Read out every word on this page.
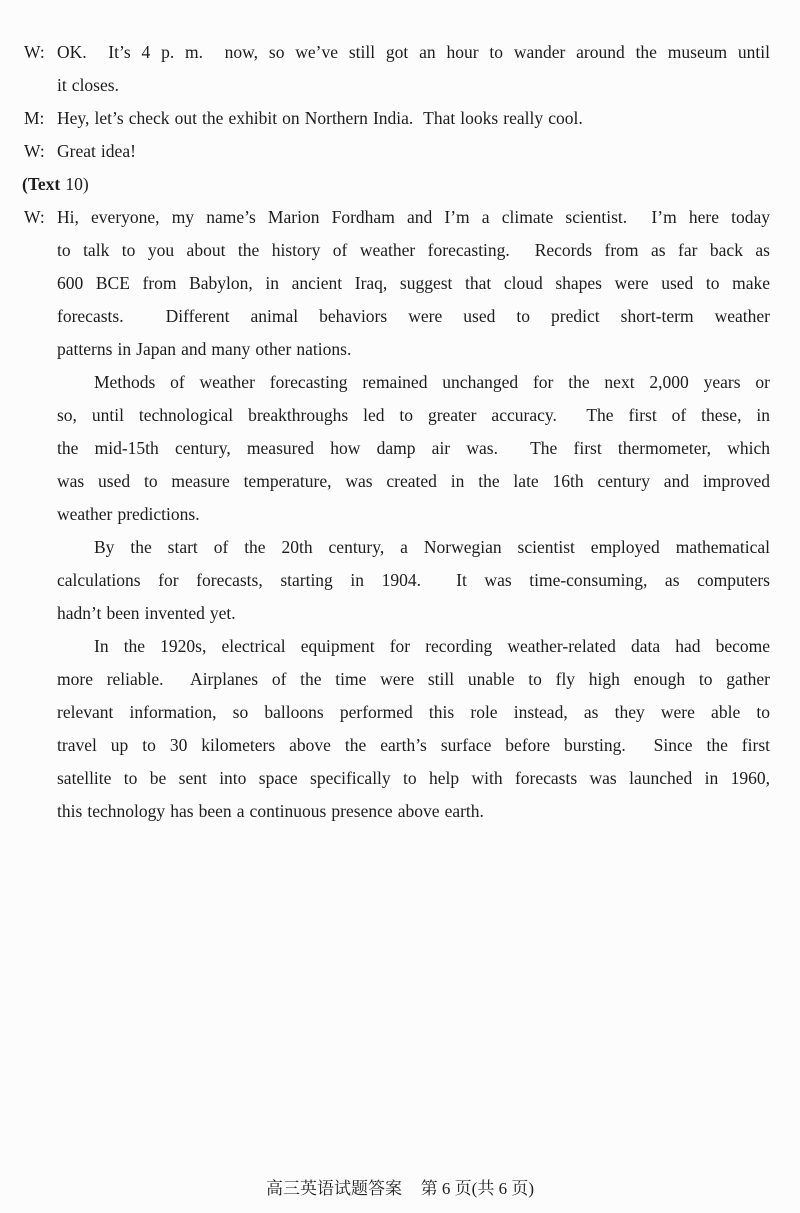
W: OK.  It’s 4 p. m.  now, so we’ve still got an hour to wander around the museum until
it closes.
M: Hey, let’s check out the exhibit on Northern India.  That looks really cool.
W: Great idea!
(Text 10)
W: Hi, everyone, my name’s Marion Fordham and I’m a climate scientist.  I’m here today
to talk to you about the history of weather forecasting.  Records from as far back as
600 BCE from Babylon, in ancient Iraq, suggest that cloud shapes were used to make
forecasts.  Different animal behaviors were used to predict short-term weather
patterns in Japan and many other nations.
Methods of weather forecasting remained unchanged for the next 2,000 years or
so, until technological breakthroughs led to greater accuracy.  The first of these, in
the mid-15th century, measured how damp air was.  The first thermometer, which
was used to measure temperature, was created in the late 16th century and improved
weather predictions.
By the start of the 20th century, a Norwegian scientist employed mathematical
calculations for forecasts, starting in 1904.  It was time-consuming, as computers
hadn’t been invented yet.
In the 1920s, electrical equipment for recording weather-related data had become
more reliable.  Airplanes of the time were still unable to fly high enough to gather
relevant information, so balloons performed this role instead, as they were able to
travel up to 30 kilometers above the earth’s surface before bursting.  Since the first
satellite to be sent into space specifically to help with forecasts was launched in 1960,
this technology has been a continuous presence above earth.
高三英语试题答案 第 6 页(共 6 页)
